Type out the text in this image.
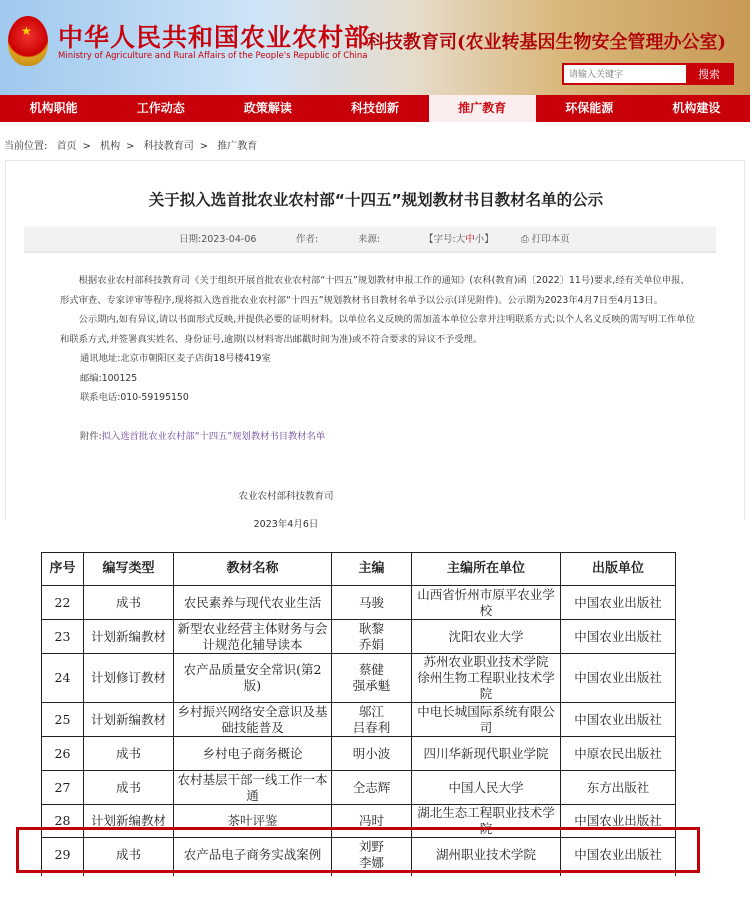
★ 中华人民共和国农业农村部
Ministry of Agriculture and Rural Affairs of the People's Republic of China
科技教育司(农业转基因生物安全管理办公室)
请输入关键字
搜索
机构职能	工作动态	政策解读	科技创新	推广教育	环保能源	机构建设
当前位置: 首页 > 机构 > 科技教育司 > 推广教育
关于拟入选首批农业农村部“十四五”规划教材书目教材名单的公示
日期:2023-04-06	作者:	来源:	【字号:大中小】	⎙ 打印本页

  根据农业农村部科技教育司《关于组织开展首批农业农村部“十四五”规划教材申报工作的通知》(农科(教育)函〔2022〕11号)要求,经有关单位申报、形式审查、专家评审等程序,现将拟入选首批农业农村部“十四五”规划教材书目教材名单予以公示(详见附件)。公示期为2023年4月7日至4月13日。

  公示期内,如有异议,请以书面形式反映,并提供必要的证明材料。以单位名义反映的需加盖本单位公章并注明联系方式;以个人名义反映的需写明工作单位和联系方式,并签署真实姓名、身份证号,逾期(以材料寄出邮戳时间为准)或不符合要求的异议不予受理。

通讯地址:北京市朝阳区麦子店街18号楼419室

邮编:100125

联系电话:010-59195150

附件:拟入选首批农业农村部“十四五”规划教材书目教材名单

农业农村部科技教育司
2023年4月6日
序号	编写类型	教材名称	主编	主编所在单位	出版单位
22	成书	农民素养与现代农业生活	马骏	山西省忻州市原平农业学校	中国农业出版社
23	计划新编教材	新型农业经营主体财务与会计规范化辅导读本	耿黎
乔娟	沈阳农业大学	中国农业出版社
24	计划修订教材	农产品质量安全常识(第2版)	蔡健
强承魁	苏州农业职业技术学院
徐州生物工程职业技术学院	中国农业出版社
25	计划新编教材	乡村振兴网络安全意识及基础技能普及	邬江
吕春利	中电长城国际系统有限公司	中国农业出版社
26	成书	乡村电子商务概论	明小波	四川华新现代职业学院	中原农民出版社
27	成书	农村基层干部一线工作一本通	仝志辉	中国人民大学	东方出版社
28	计划新编教材	茶叶评鉴	冯时	湖北生态工程职业技术学院	中国农业出版社
29	成书	农产品电子商务实战案例	刘野
李娜	湖州职业技术学院	中国农业出版社
